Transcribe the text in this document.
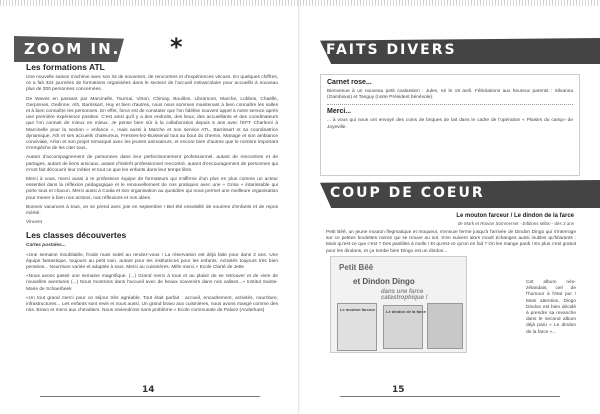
ZOOM IN... *
Les formations ATL
Une nouvelle saison s'achève avec son lot de souvenirs, de rencontres et d'expériences vécues. En quelques chiffres, ce a fait 324 journées de formations organisées dans le secteur de l'accueil extrascolaire pour accueillir à nouveau plus de 300 personnes concernées.
De Waves en passant par Marcinelle, Tournai, Virton, Chimay, Bouillon, Libramont, Marche, Lobbes, Chaëlle, Gerpinnes, Gedinne, Ath, Barrissart, Huy et bien d'autres, nous nous sommes maintenant à bien connaître les salles et à bien connaître les personnes. En effet, force est de constater que l'on fidélise souvent appel à notre service après une première expérience positive. C'est ainsi qu'il y a des endroits, des lieux, des accueillants et des coordinateurs que l'on connait de mieux en mieux. Je pense bien sûr à la collaboration depuis 5 ans avec l'EFT Charleroi à Marcinelle pour la section « enfance », mais aussi à Marche et son service ATL, Barrissart et sa coordinatrice dynamique, Ath et ses accueils chaleureux, Fresnes-lez-Buissenal tout au bout du chemin, Manage et son ambiance conviviale, Arlon et son projet remarqué avec les jeunes animateurs, et encore bien d'autres que le nombre important m'empêche de les citer tous.
Autant d'accompagnement de personnes dans leur perfectionnement professionnel, autant de rencontres et de partages, autant de liens amicaux, autant d'intérêt professionnel rencontré, autant d'encouragement de personnes qui m'ont fait découvrir leur métier et tout ce que les enfants dans leur temps libre.
Merci à vous, merci aussi à Ie professeur équipe de formateurs qui s'affirme d'un plus en plus comme un acteur essentiel dans la réflexion pédagogique et le renouvellement de nos pratiques avec une « Grisa » intarissable qui porte tous et chacun. Merci aussi à Coala et son organisation au quotidien qui nous permet une meilleure organisation pour mener à bien nos actions, nos réflexions et nos idées.
Bonnes vacances à tous, on se prend avec joie en septembre ! Bel été ensoleillé de sourires d'enfants et de repos mérité.
Vincent
Les classes découvertes
Cartes postales...
«Une semaine inoubliable, froide mais soleil au rendez-vous ! La réservation est déjà faite pour dans 2 ans. Une équipe fantastique, toujours au petit soin, autant pour les institutrices pour les enfants. Activités toujours très bien pensées... Nourriture variée et adaptée à tous. Merci au cuisinières. Mille merci.» Ecole Clarté de Jette
«Nous avons passé une semaine magnifique. (...) Grand merci à tous et au plaisir de se retrouver et de vivre de nouvelles aventures (...) Nous montrons dans l'accueil avec de beaux souvenirs dans nos valises...» Institut Sainte-Marie de Schaerbeek
«Un tout grand merci pour ce séjour très agréable. Tout était parfait : accueil, encadrement, activités, nourriture, infrastructures... Les enfants sont revis et nous aussi. Un grand bravo aux cuisinières, nous avons mangé comme des rois. Bravo et merci aux chevaliers. Nous reviendrons sans problème.» Ecole communale de Palvez (Anderlues)
14
FAITS DIVERS
Carnet rose...
Bienvenue à un nouveau petit coalassien : Jules, né le 19 avril. Félicitations aux heureux parents : Silvanna (Gambious) et Tanguy (notre Président bénévole).
Merci...
... à vous qui nous ont envoyé des coins de briques de lait dans le cadre de l'opération « Plaisirs du camp» de Joyeville.
COUP DE COEUR
Le mouton farceur / Le dindon de la farce
de Mark et Rowan Sommerset - Editions Milan - dès 3 ans
Petit Bêê, un jeune mouton flegmatique et moqueur, s'ennuie ferme jusqu'à l'arrivée de Dindon Dingo qui s'interroge sur ce petites boulettes noires qui se trouve au sol. S'en suivent alors moult échanges aussi inutiles qu'hilarants : Mais qu'est-ce que c'est ? Des pastilles à melle ! Et qu'est-ce qu'on en fait ? On les mange pardi ! En plus c'est gratuit pour les dindons, et ça tombe bien Dingo est un dindon...
Cet album néo-zélandais, ciel de l'humour à l'état pur ! Mais attention, Dingo Dindon est bien décidé à prendre sa revanche dans le second album déjà paru « Le dindon de la farce »...
15
Petit Bêê
et Dindon Dingo
dans une farce catastrophique !
Le mouton farceur	Le dindon de la farce
